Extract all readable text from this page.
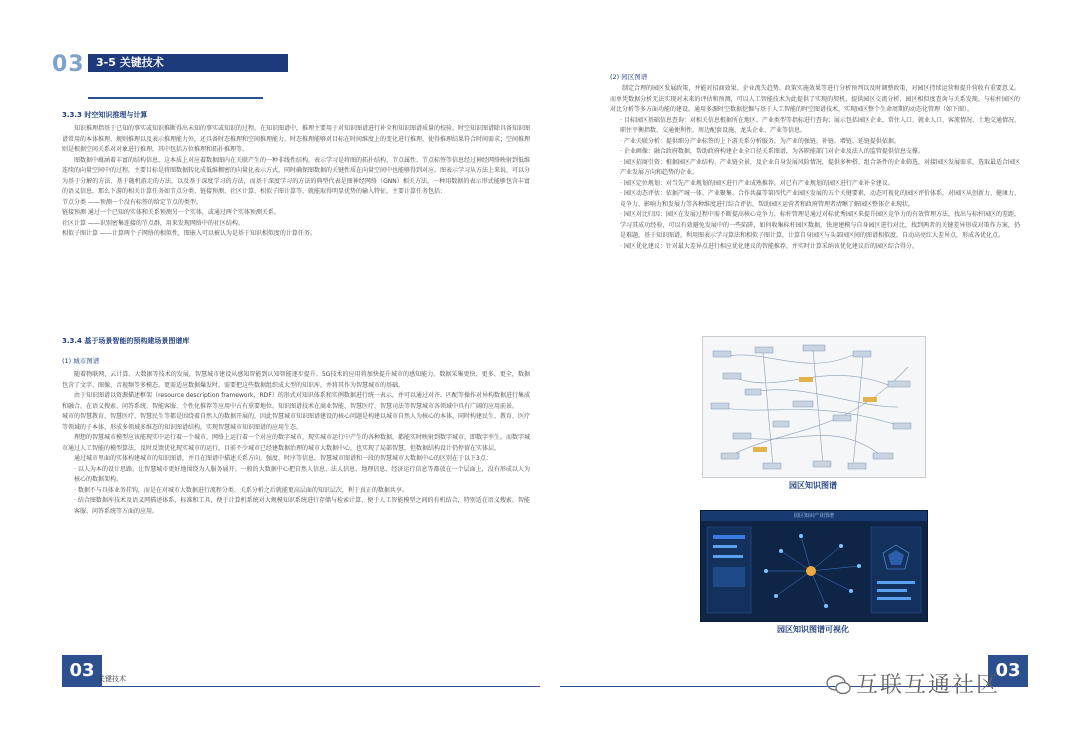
03	3-5 关键技术
3.3.3 时空知识推理与计算
知识推理指基于已知的事实或知识推断得出未知的事实或知识的过程。在知识图谱中，推理主要用于对知识图谱进行补全和知识图谱质量的校验。时空知识图谱除具备知识图谱常用的本体推理、规则推理以及表示推理能力外，还具备时态推理和空间推理能力。时态推理能够对目标在时间维度上的变化进行推理，使得推理结果符合时间需求；空间推理则是根据空间关系对对象进行推理，其中包括方位推理和拓扑推理等。
图数据中蕴涵着丰富的结构信息，这本质上对应着数据图内在关联产生的一种非线性结构，表示学习是将图的拓扑结构、节点属性、节点标签等信息经过神经网络映射到低维连续的向量空间中的过程，主要目标是将图数据转化成低维稠密的向量化表示方式，同时确保图数据的关键性质在向量空间中也能够得到对应。图表示学习从方法上来说，可以分为基于分解的方法、基于随机游走的方法，以及基于深度学习的方法，而基于深度学习的方法的典型代表是图神经网络（GNN）相关方法。一种用数据的表示形式能够包含丰富的语义信息，那么下游的相关计算任务如节点分类、链接预测、社区计算、相似子图计算等，就能取得明显优势的输入特征。主要计算任务包括：
节点分类 ——预测一个没有标签的给定节点的类型。
链接预测 通过一个已知的实体和关系预测另一个实体，或通过两个实体预测关系。
社区计算 ——识别密集连接的节点群，用来发现网络中的社区结构。
相似子图计算 ——计算两个子网络的相似性，图嵌入可以被认为是基于知识相似度的计算任务。
3.3.4 基于场景智能的预构建场景图谱库
(1) 城市图谱
随着物联网、云计算、大数据等技术的发展，智慧城市建设从感知智能到认知智能逐步提升。5G技术的应用将加快提升城市的感知能力。数据采集更快、更多、更全，数据包含了文字、图像、音视频等多模态，更需适应数据爆发时，需要把这些数据组织成大型的知识库，并将其作为智慧城市的基础。
由于知识图谱以资源描述框架（resource description framework，RDF）的形式对知识体系和实例数据进行统一表示，并可以通过对齐、匹配等操作对异构数据进行集成和融合，在语义搜索、问答系统、智能客服、个性化推荐等应用中占有重要地位。知识图谱技术在商业智能、智慧医疗、智慧司法等智慧城市各领域中具有广阔的应用前景。
城市的智慧教育、智慧医疗、智慧民生等都是围绕着自然人的数据开展的，因此智慧城市知识图谱建设的核心问题是构建以城市自然人为核心的本体，同时构建民生、教育、医疗等领域的子本体，形成多领域多维态的知识图谱结构，实现智慧城市知识图谱的应用生态。
理想的智慧城市模型应该能现实中运行着一个城市，网络上运行着一个对应的数字城市，现实城市运行中产生的各种数据，都能实时映射到数字城市，即数字孪生。而数字城市通过人工智能的模型算法，及时反馈优化现实城市的运行。目前不少城市已经建数据治理的城市大数据中心，也实现了局部智慧，但数据结构设计仍停留在实体层。
通过城市里面的实体构建城市的知识图谱，并且在图谱中描述关系方向、强度、时序等信息，智慧城市图谱和一段的智慧城市大数据中心的区别在于以下3点：
· 以人为本的设计思路。让智慧城市更好地围绕为人服务展开。一般的大数据中心把自然人信息、法人信息、地理信息、经济运行信息等都放在一个层面上，没有形成以人为核心的数据架构。
· 数据不与具体业务挂钩，而是在对城市大数据进行流程分类、关系分析之后就能更高层面的知识层次，利于真正的数据共享。
· 结合图数据库技术及语义网描述体系、标准和工具，便于计算机系统对大规模知识系统进行存储与检索计算，便于人工智能模型之间的有机结合，特别适在语义搜索、智能客服、问答系统等方面的应用。
(2) 园区图谱
制定合理的园区发展政策，并能对招商效果、企业流失趋势、政策实施效果等进行分析预判以及时调整政策，对园区持续运营和提升营收有重要意义。而单凭数据分析无法实现对未来的评估和预测，可以人工智能技术为此提供了实现的契机，提供园区交流分析、园区相似度查询与关系发现、与标杆园区的对比分析等多方面功能的建设。通用多源时空数据挖掘与基于人工智能的时空图谱技术，实现园区整个生命周期的动态化管理（如下图）。
· 目标园区基础信息查询：对相关信息根据所在地区、产业类型等指标进行查询；展示包括园区企业、常住人口、就业人口、客流情况、土地交通情况、职住平衡指数、交通便利性、周边配套设施、龙头企业、产业等信息。
· 产业关联分析：提供细分产业标签的上下游关系分析服务，为产业的强链、补链、增链、延链提供依据。
· 企业画像：融合政府数据，帮助政府构建企业全口径关系图谱，为各职能部门对企业及法人的监管提供信息支撑。
· 园区招商引资：根据园区产业结构、产业链全景，及企业自身发展风险情况，提供多种搭、组合条件的企业筛选，对接园区发展需求，选取最适合园区产业发展方向和趋势的企业。
· 园区定位规划：对当先产业规划的园区进行产业成熟推荐，对已有产业规划的园区进行产业补全建议。
· 园区动态评估：依据产城一体、产业聚集、合作共赢等第四代产业园区发展的五个关键要素，动态可视化的园区评价体系，对园区从创新力、健康力、竞争力、影响力和发展力等各种维度进行综合评估，帮助园区运营者和政府管理者清晰了解园区整体企业现状。
· 园区对比归因：园区在发展过程中需不断提高核心竞争力，标杆管理是通过对标优秀园区来提升园区竞争力的有效管理方法，找出与标杆园区的差距，学习其成功经验，可以有效避免发展中的一些陷阱，如何收集标杆园区数据，快速建模与自身园区进行对比，找到两者的关键差异形成对策作方案，仍是难题，基于知识图谱，利用图表示学习算法和相似子图计算，计算自身园区与头部园区间的图谱相似度，自动高亮红大差异点，形成各优化点。
· 园区优化建议：针对最大差异点进行相应优化建议的智能推荐，并实时计算采纳该优化建议后的园区综合得分。
园区知识图谱
园区知识产业图谱
园区知识图谱可视化
03 关键技术	03
互联互通社区
